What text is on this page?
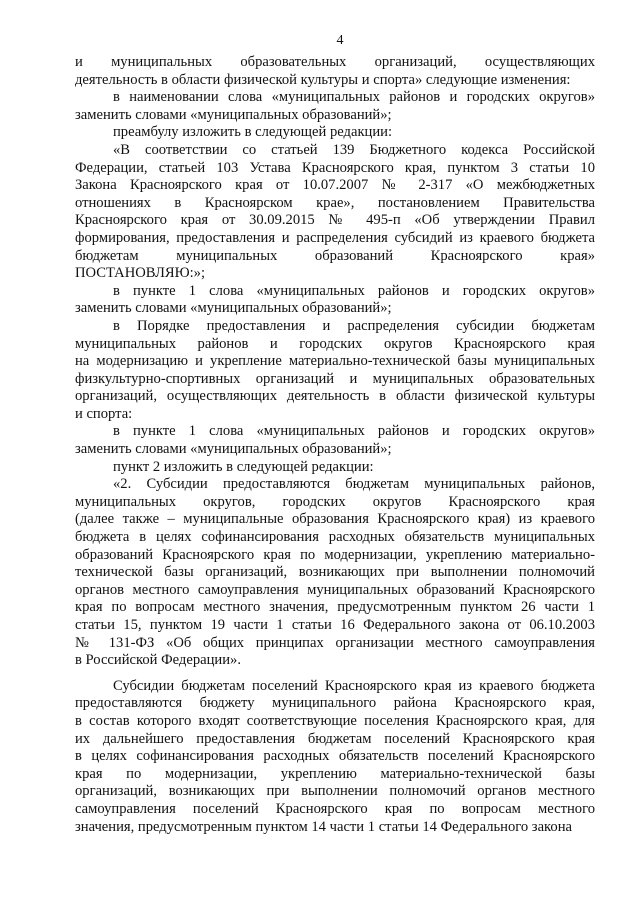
4
и муниципальных образовательных организаций, осуществляющих
деятельность в области физической культуры и спорта» следующие изменения:
в наименовании слова «муниципальных районов и городских округов»
заменить словами «муниципальных образований»;
преамбулу изложить в следующей редакции:
«В соответствии со статьей 139 Бюджетного кодекса Российской
Федерации, статьей 103 Устава Красноярского края, пунктом 3 статьи 10
Закона Красноярского края от 10.07.2007 № 2-317 «О межбюджетных
отношениях в Красноярском крае», постановлением Правительства
Красноярского края от 30.09.2015 № 495-п «Об утверждении Правил
формирования, предоставления и распределения субсидий из краевого бюджета
бюджетам муниципальных образований Красноярского края»
ПОСТАНОВЛЯЮ:»;
в пункте 1 слова «муниципальных районов и городских округов»
заменить словами «муниципальных образований»;
в Порядке предоставления и распределения субсидии бюджетам
муниципальных районов и городских округов Красноярского края
на модернизацию и укрепление материально-технической базы муниципальных
физкультурно-спортивных организаций и муниципальных образовательных
организаций, осуществляющих деятельность в области физической культуры
и спорта:
в пункте 1 слова «муниципальных районов и городских округов»
заменить словами «муниципальных образований»;
пункт 2 изложить в следующей редакции:
«2. Субсидии предоставляются бюджетам муниципальных районов,
муниципальных округов, городских округов Красноярского края
(далее также – муниципальные образования Красноярского края) из краевого
бюджета в целях софинансирования расходных обязательств муниципальных
образований Красноярского края по модернизации, укреплению материально-
технической базы организаций, возникающих при выполнении полномочий
органов местного самоуправления муниципальных образований Красноярского
края по вопросам местного значения, предусмотренным пунктом 26 части 1
статьи 15, пунктом 19 части 1 статьи 16 Федерального закона от 06.10.2003
№ 131-ФЗ «Об общих принципах организации местного самоуправления
в Российской Федерации».
Субсидии бюджетам поселений Красноярского края из краевого бюджета
предоставляются бюджету муниципального района Красноярского края,
в состав которого входят соответствующие поселения Красноярского края, для
их дальнейшего предоставления бюджетам поселений Красноярского края
в целях софинансирования расходных обязательств поселений Красноярского
края по модернизации, укреплению материально-технической базы
организаций, возникающих при выполнении полномочий органов местного
самоуправления поселений Красноярского края по вопросам местного
значения, предусмотренным пунктом 14 части 1 статьи 14 Федерального закона
